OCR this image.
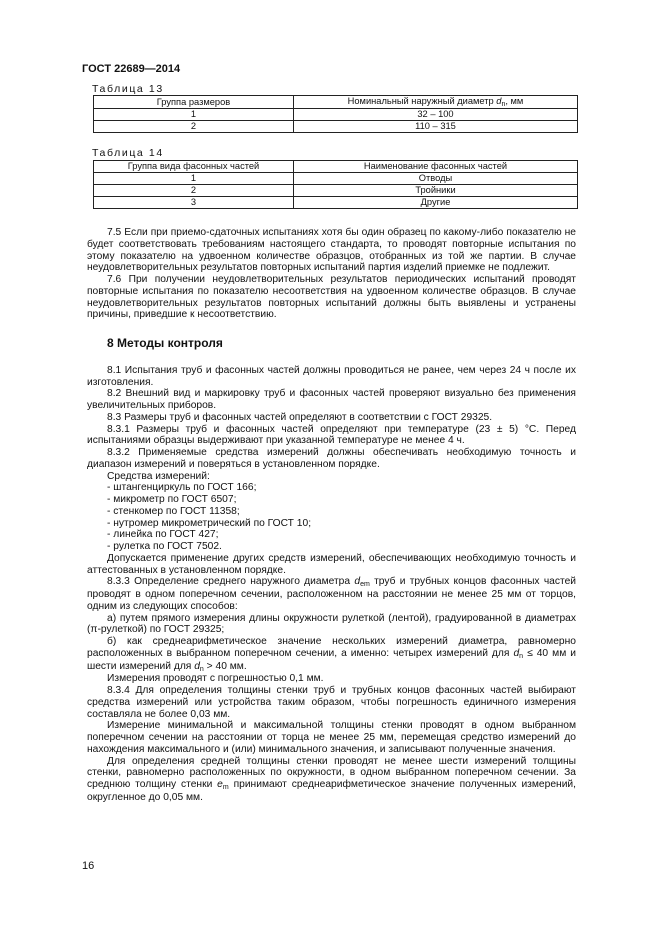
ГОСТ 22689—2014
Таблица 13
Группа размеров	Номинальный наружный диаметр $d_n$, мм
1	32 – 100
2	110 – 315
Таблица 14
Группа вида фасонных частей	Наименование фасонных частей
1	Отводы
2	Тройники
3	Другие

7.5 Если при приемо-сдаточных испытаниях хотя бы один образец по какому-либо показателю не будет соответствовать требованиям настоящего стандарта, то проводят повторные испытания по этому показателю на удвоенном количестве образцов, отобранных из той же партии. В случае неудовлетворительных результатов повторных испытаний партия изделий приемке не подлежит.

7.6 При получении неудовлетворительных результатов периодических испытаний проводят повторные испытания по показателю несоответствия на удвоенном количестве образцов. В случае неудовлетворительных результатов повторных испытаний должны быть выявлены и устранены причины, приведшие к несоответствию.

8 Методы контроля

8.1 Испытания труб и фасонных частей должны проводиться не ранее, чем через 24 ч после их изготовления.

8.2 Внешний вид и маркировку труб и фасонных частей проверяют визуально без применения увеличительных приборов.

8.3 Размеры труб и фасонных частей определяют в соответствии с ГОСТ 29325.

8.3.1 Размеры труб и фасонных частей определяют при температуре (23 ± 5) °С. Перед испытаниями образцы выдерживают при указанной температуре не менее 4 ч.

8.3.2 Применяемые средства измерений должны обеспечивать необходимую точность и диапазон измерений и поверяться в установленном порядке.

Средства измерений:

- штангенциркуль по ГОСТ 166;

- микрометр по ГОСТ 6507;

- стенкомер по ГОСТ 11358;

- нутромер микрометрический по ГОСТ 10;

- линейка по ГОСТ 427;

- рулетка по ГОСТ 7502.

Допускается применение других средств измерений, обеспечивающих необходимую точность и аттестованных в установленном порядке.

8.3.3 Определение среднего наружного диаметра $d_{em}$ труб и трубных концов фасонных частей проводят в одном поперечном сечении, расположенном на расстоянии не менее 25 мм от торцов, одним из следующих способов:

а) путем прямого измерения длины окружности рулеткой (лентой), градуированной в диаметрах (π-рулеткой) по ГОСТ 29325;

б) как среднеарифметическое значение нескольких измерений диаметра, равномерно расположенных в выбранном поперечном сечении, а именно: четырех измерений для $d_n \le 40$ мм и шести измерений для $d_n > 40$ мм.

Измерения проводят с погрешностью 0,1 мм.

8.3.4 Для определения толщины стенки труб и трубных концов фасонных частей выбирают средства измерений или устройства таким образом, чтобы погрешность единичного измерения составляла не более 0,03 мм.

Измерение минимальной и максимальной толщины стенки проводят в одном выбранном поперечном сечении на расстоянии от торца не менее 25 мм, перемещая средство измерений до нахождения максимального и (или) минимального значения, и записывают полученные значения.

Для определения средней толщины стенки проводят не менее шести измерений толщины стенки, равномерно расположенных по окружности, в одном выбранном поперечном сечении. За среднюю толщину стенки $e_m$ принимают среднеарифметическое значение полученных измерений, округленное до 0,05 мм.

16
